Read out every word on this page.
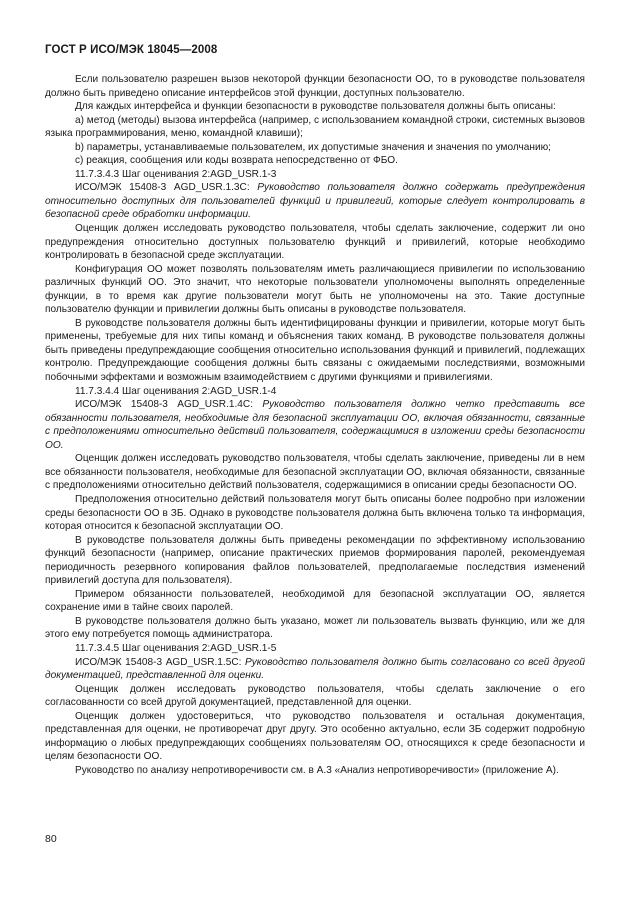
ГОСТ Р ИСО/МЭК 18045—2008

Если пользователю разрешен вызов некоторой функции безопасности ОО, то в руководстве пользователя должно быть приведено описание интерфейсов этой функции, доступных пользователю.

Для каждых интерфейса и функции безопасности в руководстве пользователя должны быть описаны:

а) метод (методы) вызова интерфейса (например, с использованием командной строки, системных вызовов языка программирования, меню, командной клавиши);

b) параметры, устанавливаемые пользователем, их допустимые значения и значения по умолчанию;

с) реакция, сообщения или коды возврата непосредственно от ФБО.

11.7.3.4.3 Шаг оценивания 2:AGD_USR.1-3

ИСО/МЭК 15408-3 AGD_USR.1.3С: Руководство пользователя должно содержать предупреждения относительно доступных для пользователей функций и привилегий, которые следует контролировать в безопасной среде обработки информации.

Оценщик должен исследовать руководство пользователя, чтобы сделать заключение, содержит ли оно предупреждения относительно доступных пользователю функций и привилегий, которые необходимо контролировать в безопасной среде эксплуатации.

Конфигурация ОО может позволять пользователям иметь различающиеся привилегии по использованию различных функций ОО. Это значит, что некоторые пользователи уполномочены выполнять определенные функции, в то время как другие пользователи могут быть не уполномочены на это. Такие доступные пользователю функции и привилегии должны быть описаны в руководстве пользователя.

В руководстве пользователя должны быть идентифицированы функции и привилегии, которые могут быть применены, требуемые для них типы команд и объяснения таких команд. В руководстве пользователя должны быть приведены предупреждающие сообщения относительно использования функций и привилегий, подлежащих контролю. Предупреждающие сообщения должны быть связаны с ожидаемыми последствиями, возможными побочными эффектами и возможным взаимодействием с другими функциями и привилегиями.

11.7.3.4.4 Шаг оценивания 2:AGD_USR.1-4

ИСО/МЭК 15408-3 AGD_USR.1.4С: Руководство пользователя должно четко представить все обязанности пользователя, необходимые для безопасной эксплуатации ОО, включая обязанности, связанные с предположениями относительно действий пользователя, содержащимися в изложении среды безопасности ОО.

Оценщик должен исследовать руководство пользователя, чтобы сделать заключение, приведены ли в нем все обязанности пользователя, необходимые для безопасной эксплуатации ОО, включая обязанности, связанные с предположениями относительно действий пользователя, содержащимися в описании среды безопасности ОО.

Предположения относительно действий пользователя могут быть описаны более подробно при изложении среды безопасности ОО в ЗБ. Однако в руководстве пользователя должна быть включена только та информация, которая относится к безопасной эксплуатации ОО.

В руководстве пользователя должны быть приведены рекомендации по эффективному использованию функций безопасности (например, описание практических приемов формирования паролей, рекомендуемая периодичность резервного копирования файлов пользователей, предполагаемые последствия изменений привилегий доступа для пользователя).

Примером обязанности пользователей, необходимой для безопасной эксплуатации ОО, является сохранение ими в тайне своих паролей.

В руководстве пользователя должно быть указано, может ли пользователь вызвать функцию, или же для этого ему потребуется помощь администратора.

11.7.3.4.5 Шаг оценивания 2:AGD_USR.1-5

ИСО/МЭК 15408-3 AGD_USR.1.5С: Руководство пользователя должно быть согласовано со всей другой документацией, представленной для оценки.

Оценщик должен исследовать руководство пользователя, чтобы сделать заключение о его согласованности со всей другой документацией, представленной для оценки.

Оценщик должен удостовериться, что руководство пользователя и остальная документация, представленная для оценки, не противоречат друг другу. Это особенно актуально, если ЗБ содержит подробную информацию о любых предупреждающих сообщениях пользователям ОО, относящихся к среде безопасности и целям безопасности ОО.

Руководство по анализу непротиворечивости см. в А.3 «Анализ непротиворечивости» (приложение А).

80
